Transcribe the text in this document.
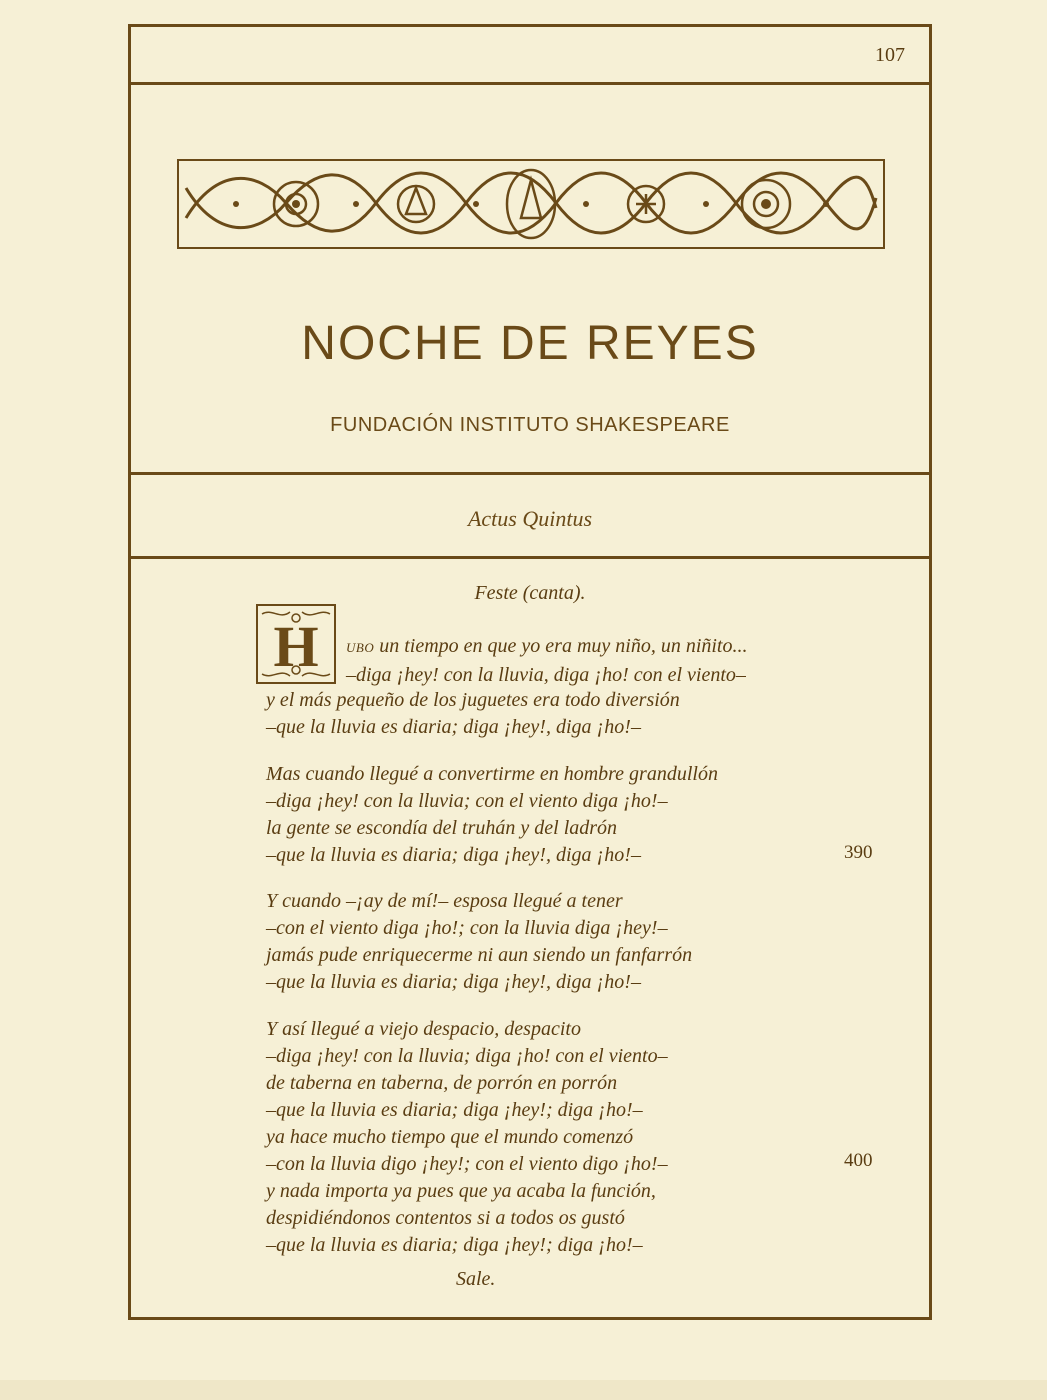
107
NOCHE DE REYES
FUNDACIÓN INSTITUTO SHAKESPEARE
Actus Quintus
Feste (canta).
H UBO un tiempo en que yo era muy niño, un niñito...
–diga ¡hey! con la lluvia, diga ¡ho! con el viento–
y el más pequeño de los juguetes era todo diversión
–que la lluvia es diaria; diga ¡hey!, diga ¡ho!–
Mas cuando llegué a convertirme en hombre grandullón
–diga ¡hey! con la lluvia; con el viento diga ¡ho!–
la gente se escondía del truhán y del ladrón
–que la lluvia es diaria; diga ¡hey!, diga ¡ho!–	390
Y cuando –¡ay de mí!– esposa llegué a tener
–con el viento diga ¡ho!; con la lluvia diga ¡hey!–
jamás pude enriquecerme ni aun siendo un fanfarrón
–que la lluvia es diaria; diga ¡hey!, diga ¡ho!–
Y así llegué a viejo despacio, despacito
–diga ¡hey! con la lluvia; diga ¡ho! con el viento–
de taberna en taberna, de porrón en porrón
–que la lluvia es diaria; diga ¡hey!; diga ¡ho!–
ya hace mucho tiempo que el mundo comenzó
–con la lluvia digo ¡hey!; con el viento digo ¡ho!–
y nada importa ya pues que ya acaba la función,
despidiéndonos contentos si a todos os gustó
–que la lluvia es diaria; diga ¡hey!; diga ¡ho!–
400
Sale.
